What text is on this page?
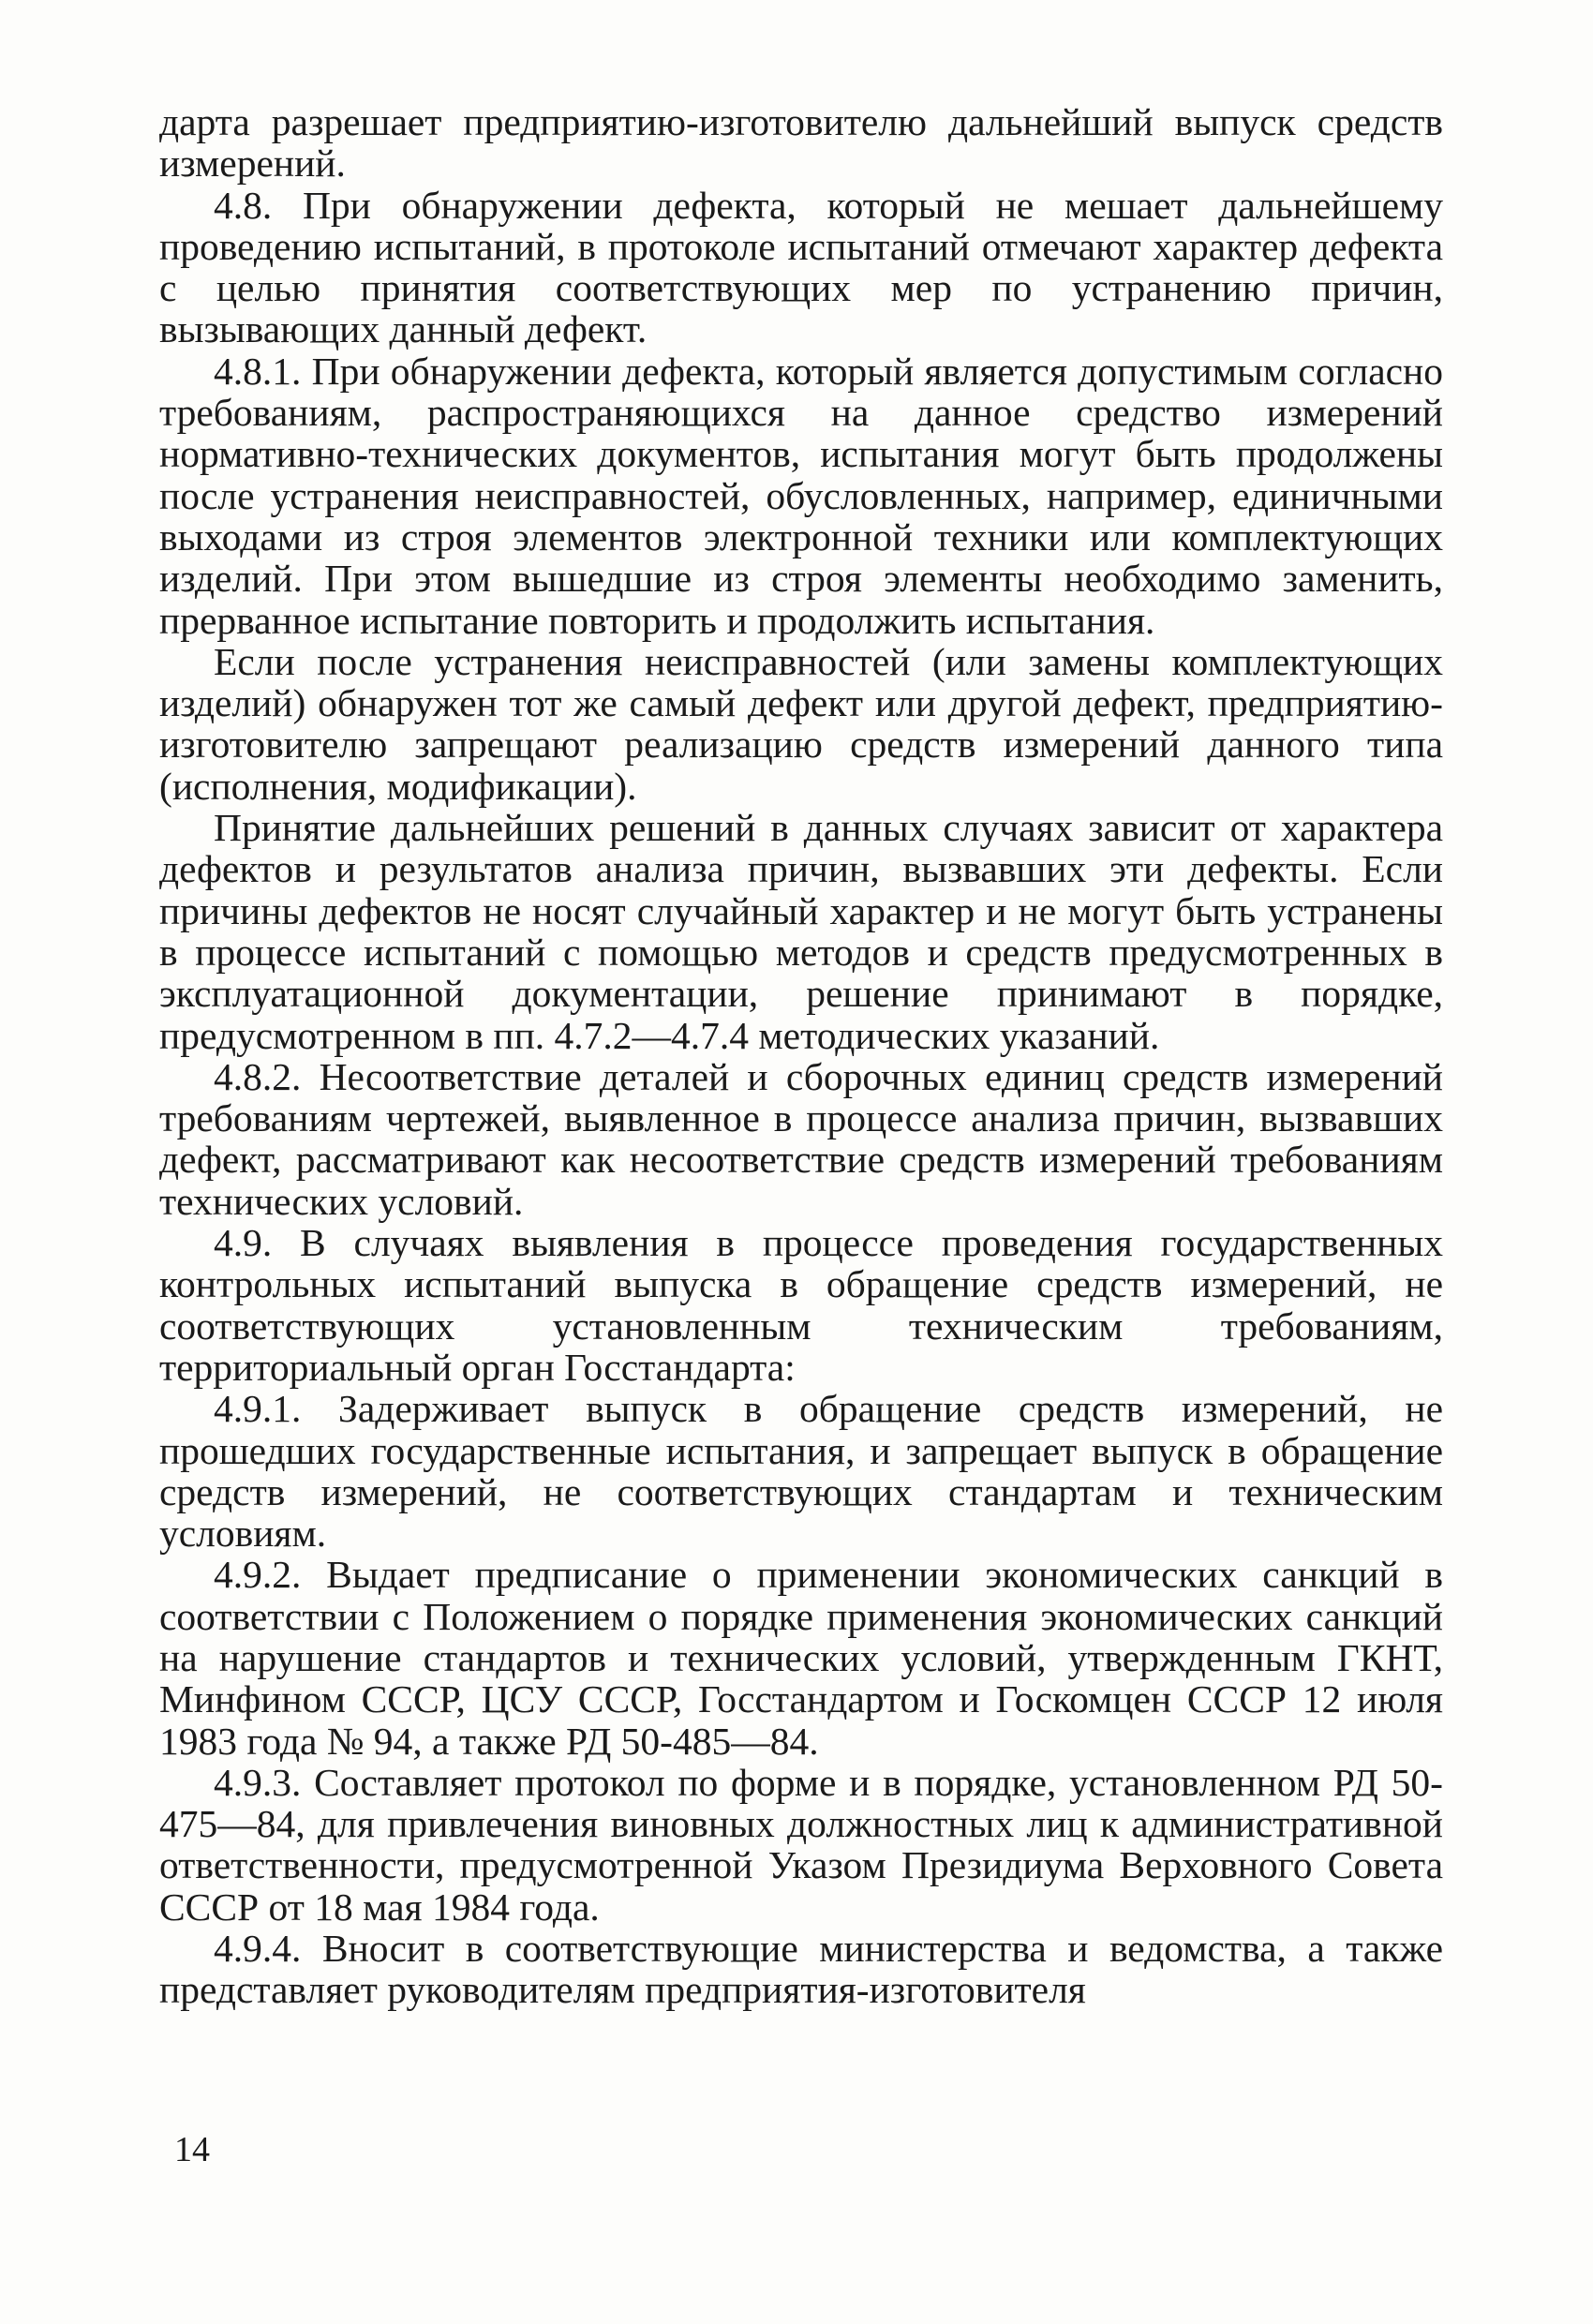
дарта разрешает предприятию-изготовителю дальнейший выпуск средств измерений.

4.8. При обнаружении дефекта, который не мешает дальнейшему проведению испытаний, в протоколе испытаний отмечают характер дефекта с целью принятия соответствующих мер по устранению причин, вызывающих данный дефект.

4.8.1. При обнаружении дефекта, который является допустимым согласно требованиям, распространяющихся на данное средство измерений нормативно-технических документов, испытания могут быть продолжены после устранения неисправностей, обусловленных, например, единичными выходами из строя элементов электронной техники или комплектующих изделий. При этом вышедшие из строя элементы необходимо заменить, прерванное испытание повторить и продолжить испытания.

Если после устранения неисправностей (или замены комплектующих изделий) обнаружен тот же самый дефект или другой дефект, предприятию-изготовителю запрещают реализацию средств измерений данного типа (исполнения, модификации).

Принятие дальнейших решений в данных случаях зависит от характера дефектов и результатов анализа причин, вызвавших эти дефекты. Если причины дефектов не носят случайный характер и не могут быть устранены в процессе испытаний с помощью методов и средств предусмотренных в эксплуатационной документации, решение принимают в порядке, предусмотренном в пп. 4.7.2—4.7.4 методических указаний.

4.8.2. Несоответствие деталей и сборочных единиц средств измерений требованиям чертежей, выявленное в процессе анализа причин, вызвавших дефект, рассматривают как несоответствие средств измерений требованиям технических условий.

4.9. В случаях выявления в процессе проведения государственных контрольных испытаний выпуска в обращение средств измерений, не соответствующих установленным техническим требованиям, территориальный орган Госстандарта:

4.9.1. Задерживает выпуск в обращение средств измерений, не прошедших государственные испытания, и запрещает выпуск в обращение средств измерений, не соответствующих стандартам и техническим условиям.

4.9.2. Выдает предписание о применении экономических санкций в соответствии с Положением о порядке применения экономических санкций на нарушение стандартов и технических условий, утвержденным ГКНТ, Минфином СССР, ЦСУ СССР, Госстандартом и Госкомцен СССР 12 июля 1983 года № 94, а также РД 50-485—84.

4.9.3. Составляет протокол по форме и в порядке, установленном РД 50-475—84, для привлечения виновных должностных лиц к административной ответственности, предусмотренной Указом Президиума Верховного Совета СССР от 18 мая 1984 года.

4.9.4. Вносит в соответствующие министерства и ведомства, а также представляет руководителям предприятия-изготовителя

14
